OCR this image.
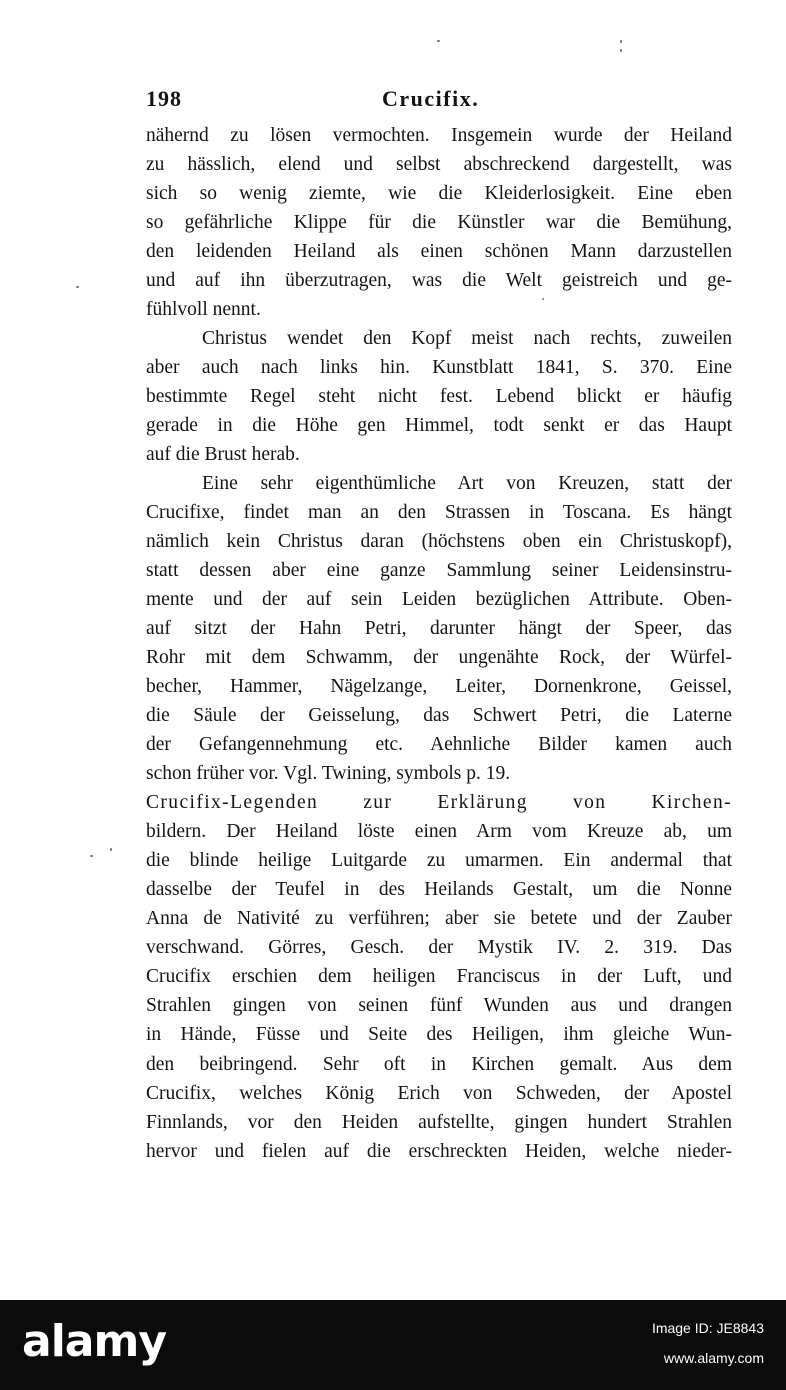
198	Crucifix.
nähernd zu lösen vermochten. Insgemein wurde der Heiland
zu hässlich, elend und selbst abschreckend dargestellt, was
sich so wenig ziemte, wie die Kleiderlosigkeit. Eine eben
so gefährliche Klippe für die Künstler war die Bemühung,
den leidenden Heiland als einen schönen Mann darzustellen
und auf ihn überzutragen, was die Welt geistreich und ge-
fühlvoll nennt.
Christus wendet den Kopf meist nach rechts, zuweilen
aber auch nach links hin. Kunstblatt 1841, S. 370. Eine
bestimmte Regel steht nicht fest. Lebend blickt er häufig
gerade in die Höhe gen Himmel, todt senkt er das Haupt
auf die Brust herab.
Eine sehr eigenthümliche Art von Kreuzen, statt der
Crucifixe, findet man an den Strassen in Toscana. Es hängt
nämlich kein Christus daran (höchstens oben ein Christuskopf),
statt dessen aber eine ganze Sammlung seiner Leidensinstru-
mente und der auf sein Leiden bezüglichen Attribute. Oben-
auf sitzt der Hahn Petri, darunter hängt der Speer, das
Rohr mit dem Schwamm, der ungenähte Rock, der Würfel-
becher, Hammer, Nägelzange, Leiter, Dornenkrone, Geissel,
die Säule der Geisselung, das Schwert Petri, die Laterne
der Gefangennehmung etc. Aehnliche Bilder kamen auch
schon früher vor. Vgl. Twining, symbols p. 19.
Crucifix-Legenden zur Erklärung von Kirchen-
bildern. Der Heiland löste einen Arm vom Kreuze ab, um
die blinde heilige Luitgarde zu umarmen. Ein andermal that
dasselbe der Teufel in des Heilands Gestalt, um die Nonne
Anna de Nativité zu verführen; aber sie betete und der Zauber
verschwand. Görres, Gesch. der Mystik IV. 2. 319. Das
Crucifix erschien dem heiligen Franciscus in der Luft, und
Strahlen gingen von seinen fünf Wunden aus und drangen
in Hände, Füsse und Seite des Heiligen, ihm gleiche Wun-
den beibringend. Sehr oft in Kirchen gemalt. Aus dem
Crucifix, welches König Erich von Schweden, der Apostel
Finnlands, vor den Heiden aufstellte, gingen hundert Strahlen
hervor und fielen auf die erschreckten Heiden, welche nieder-
alamy	Image ID: JE8843
www.alamy.com
